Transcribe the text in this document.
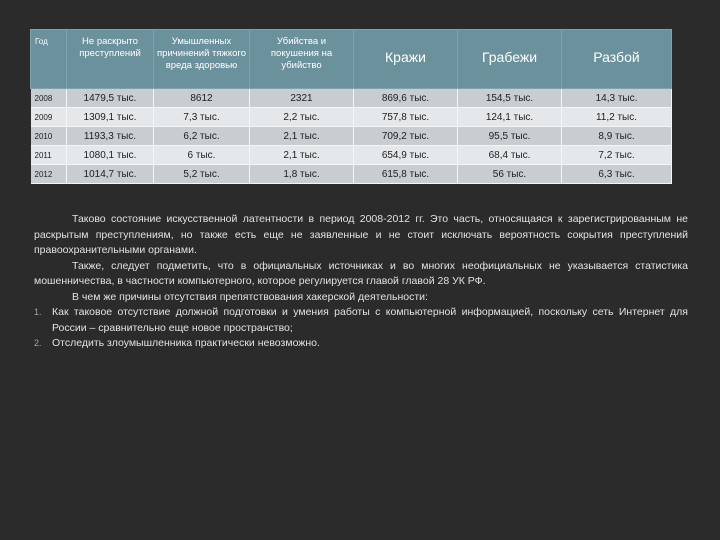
Год	Не раскрыто преступлений	Умышленных причинений тяжкого вреда здоровью	Убийства и покушения на убийство	Кражи	Грабежи	Разбой
2008	1479,5 тыс.	8612	2321	869,6 тыс.	154,5 тыс.	14,3 тыс.
2009	1309,1 тыс.	7,3 тыс.	2,2 тыс.	757,8 тыс.	124,1 тыс.	11,2 тыс.
2010	1193,3 тыс.	6,2 тыс.	2,1 тыс.	709,2 тыс.	95,5 тыс.	8,9 тыс.
2011	1080,1 тыс.	6 тыс.	2,1 тыс.	654,9 тыс.	68,4 тыс.	7,2 тыс.
2012	1014,7 тыс.	5,2 тыс.	1,8 тыс.	615,8 тыс.	56 тыс.	6,3 тыс.

Таково состояние искусственной латентности в период 2008-2012 гг. Это часть, относящаяся к зарегистрированным не раскрытым преступлениям, но также есть еще не заявленные и не стоит исключать вероятность сокрытия преступлений правоохранительными органами.

Также, следует подметить, что в официальных источниках и во многих неофициальных не указывается статистика мошенничества, в частности компьютерного, которое регулируется главой главой 28 УК РФ.

В чем же причины отсутствия препятствования хакерской деятельности:

1. Как таковое отсутствие должной подготовки и умения работы с компьютерной информацией, поскольку сеть Интернет для России – сравнительно еще новое пространство;
2. Отследить злоумышленника практически невозможно.
